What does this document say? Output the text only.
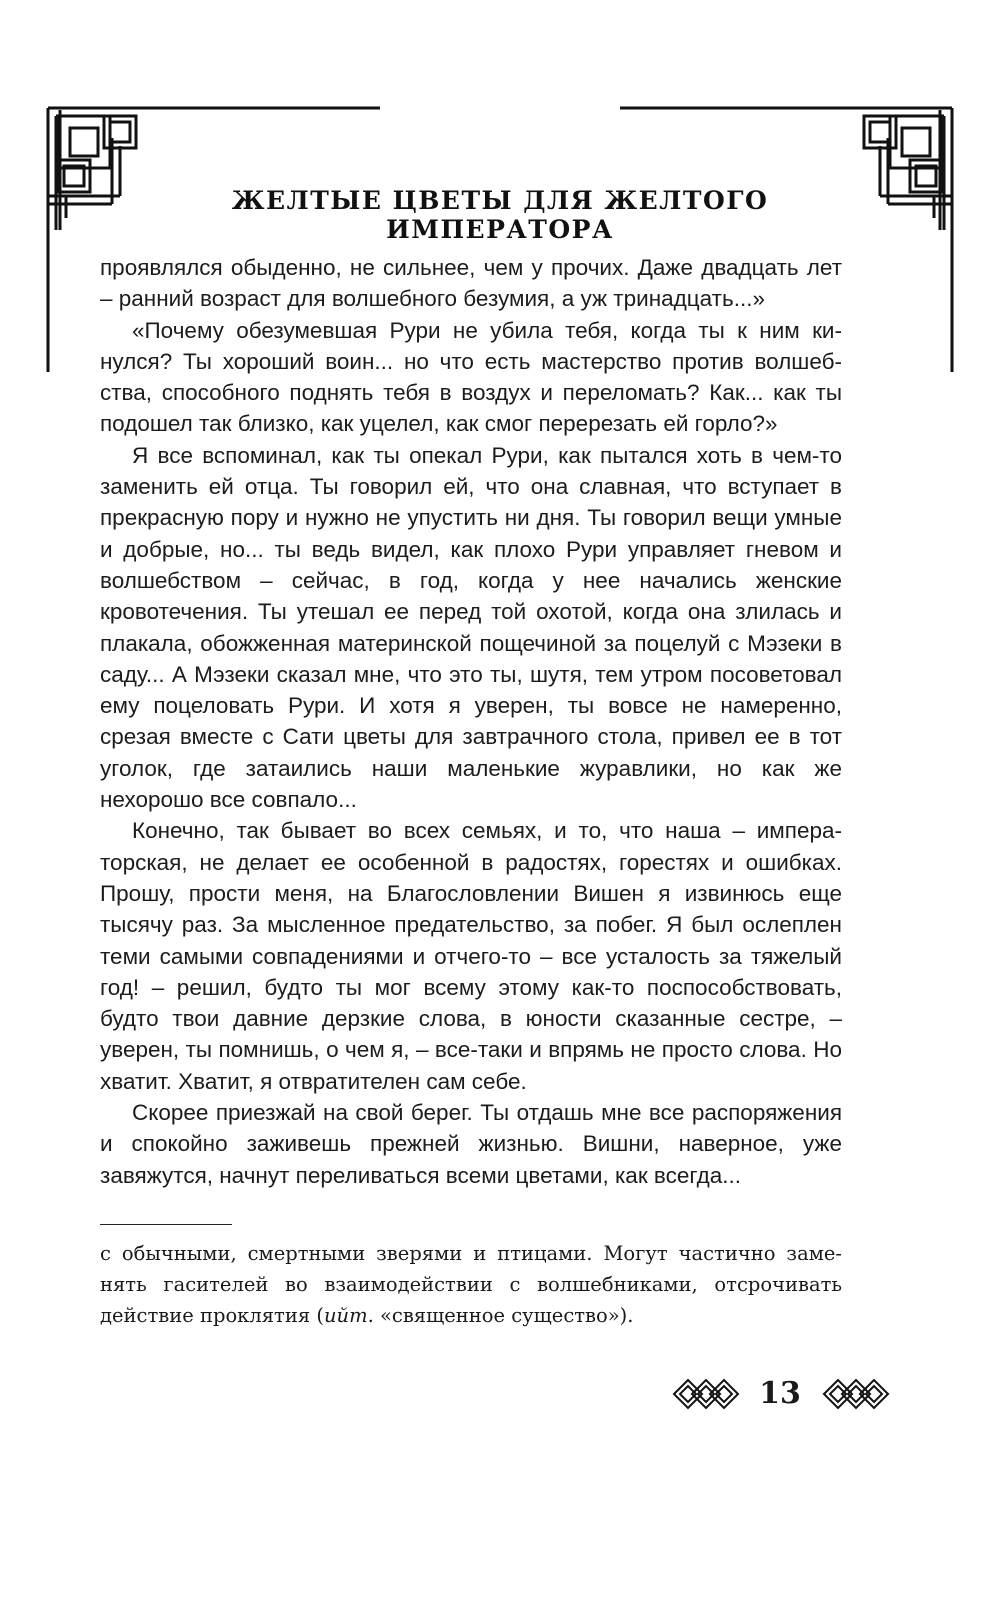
ЖЕЛТЫЕ ЦВЕТЫ ДЛЯ ЖЕЛТОГО ИМПЕРАТОРА

проявлялся обыденно, не сильнее, чем у прочих. Даже двадцать лет – ранний возраст для волшебного безумия, а уж тринадцать...»

«Почему обезумевшая Рури не убила тебя, когда ты к ним кинулся? Ты хороший воин... но что есть мастерство против волшебства, способного поднять тебя в воздух и переломать? Как... как ты подошел так близко, как уцелел, как смог перерезать ей горло?»

Я все вспоминал, как ты опекал Рури, как пытался хоть в чем-то заменить ей отца. Ты говорил ей, что она славная, что вступает в прекрасную пору и нужно не упустить ни дня. Ты говорил вещи умные и добрые, но... ты ведь видел, как плохо Рури управляет гневом и волшебством – сейчас, в год, когда у нее начались женские кровотечения. Ты утешал ее перед той охотой, когда она злилась и плакала, обожженная материнской пощечиной за поцелуй с Мэзеки в саду... А Мэзеки сказал мне, что это ты, шутя, тем утром посоветовал ему поцеловать Рури. И хотя я уверен, ты вовсе не намеренно, срезая вместе с Сати цветы для завтрачного стола, привел ее в тот уголок, где затаились наши маленькие журавлики, но как же нехорошо все совпало...

Конечно, так бывает во всех семьях, и то, что наша – императорская, не делает ее особенной в радостях, горестях и ошибках. Прошу, прости меня, на Благословлении Вишен я извинюсь еще тысячу раз. За мысленное предательство, за побег. Я был ослеплен теми самыми совпадениями и отчего-то – все усталость за тяжелый год! – решил, будто ты мог всему этому как-то поспособствовать, будто твои давние дерзкие слова, в юности сказанные сестре, – уверен, ты помнишь, о чем я, – все-таки и впрямь не просто слова. Но хватит. Хватит, я отвратителен сам себе.

Скорее приезжай на свой берег. Ты отдашь мне все распоряжения и спокойно заживешь прежней жизнью. Вишни, наверное, уже завяжутся, начнут переливаться всеми цветами, как всегда...

с обычными, смертными зверями и птицами. Могут частично заменять гасителей во взаимодействии с волшебниками, отсрочивать действие проклятия (ийт. «священное существо»).

13
